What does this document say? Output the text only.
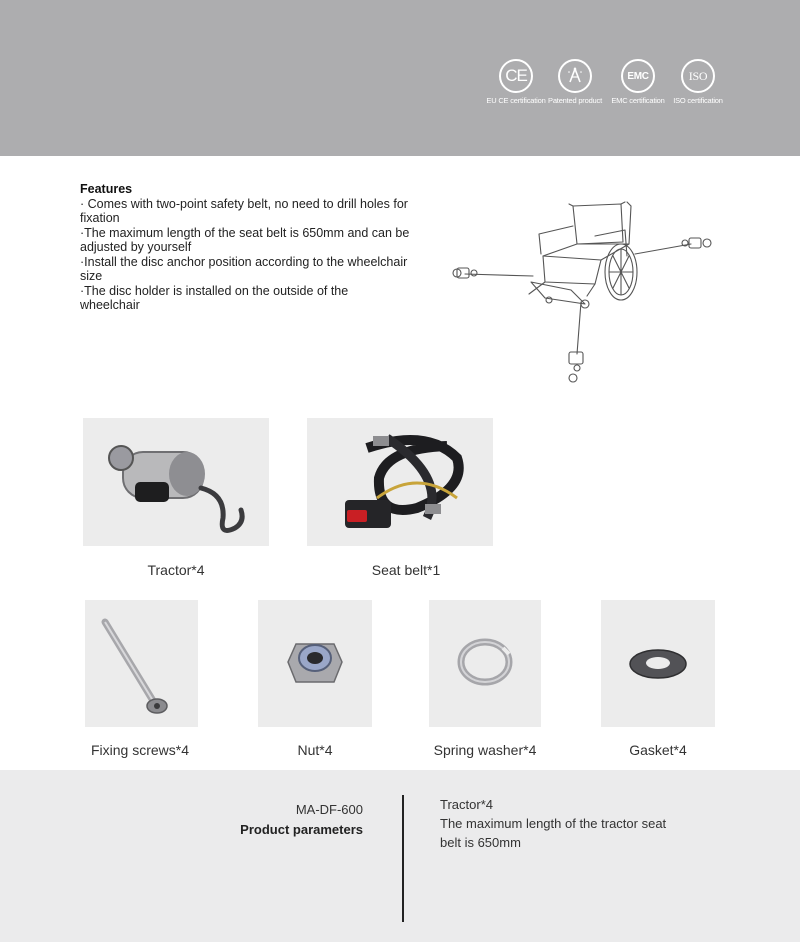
CE
EU CE certification Patented product
EMC
EMC certification
ISO
ISO certification
Features

· Comes with two-point safety belt, no need to drill holes for fixation

·The maximum length of the seat belt is 650mm and can be adjusted by yourself

·Install the disc anchor position according to the wheelchair size

·The disc holder is installed on the outside of the wheelchair

Tractor*4	Seat belt*1
Fixing screws*4	Nut*4	Spring washer*4	Gasket*4
MA-DF-600
Product parameters
Tractor*4
The maximum length of the tractor seat belt is 650mm
